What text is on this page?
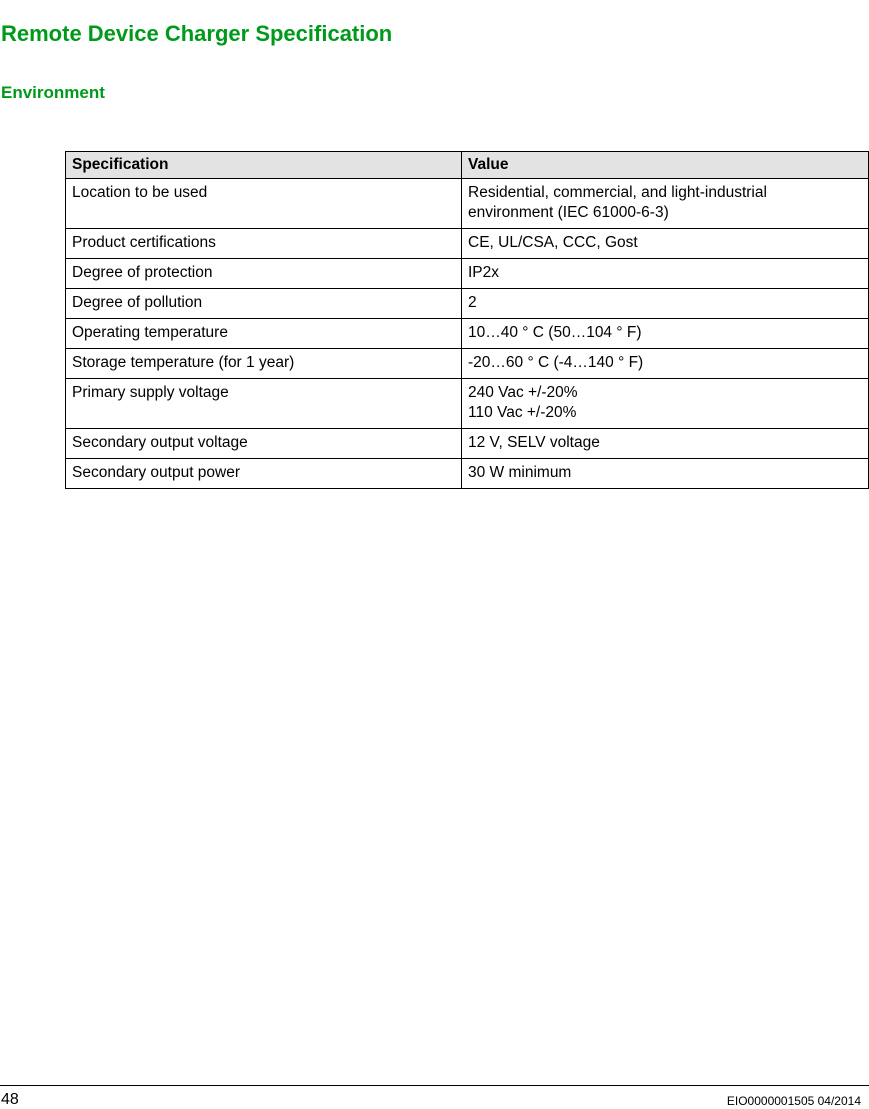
Remote Device Charger Specification
Environment
Specification	Value
Location to be used	Residential, commercial, and light-industrial
environment (IEC 61000-6-3)

Product certifications	CE, UL/CSA, CCC, Gost

Degree of protection	IP2x

Degree of pollution	2

Operating temperature	10…40 ° C (50…104 ° F)

Storage temperature (for 1 year)	-20…60 ° C (-4…140 ° F)

Primary supply voltage	240 Vac +/-20%
110 Vac +/-20%

Secondary output voltage	12 V, SELV voltage

Secondary output power	30 W minimum
48	EIO0000001505 04/2014
